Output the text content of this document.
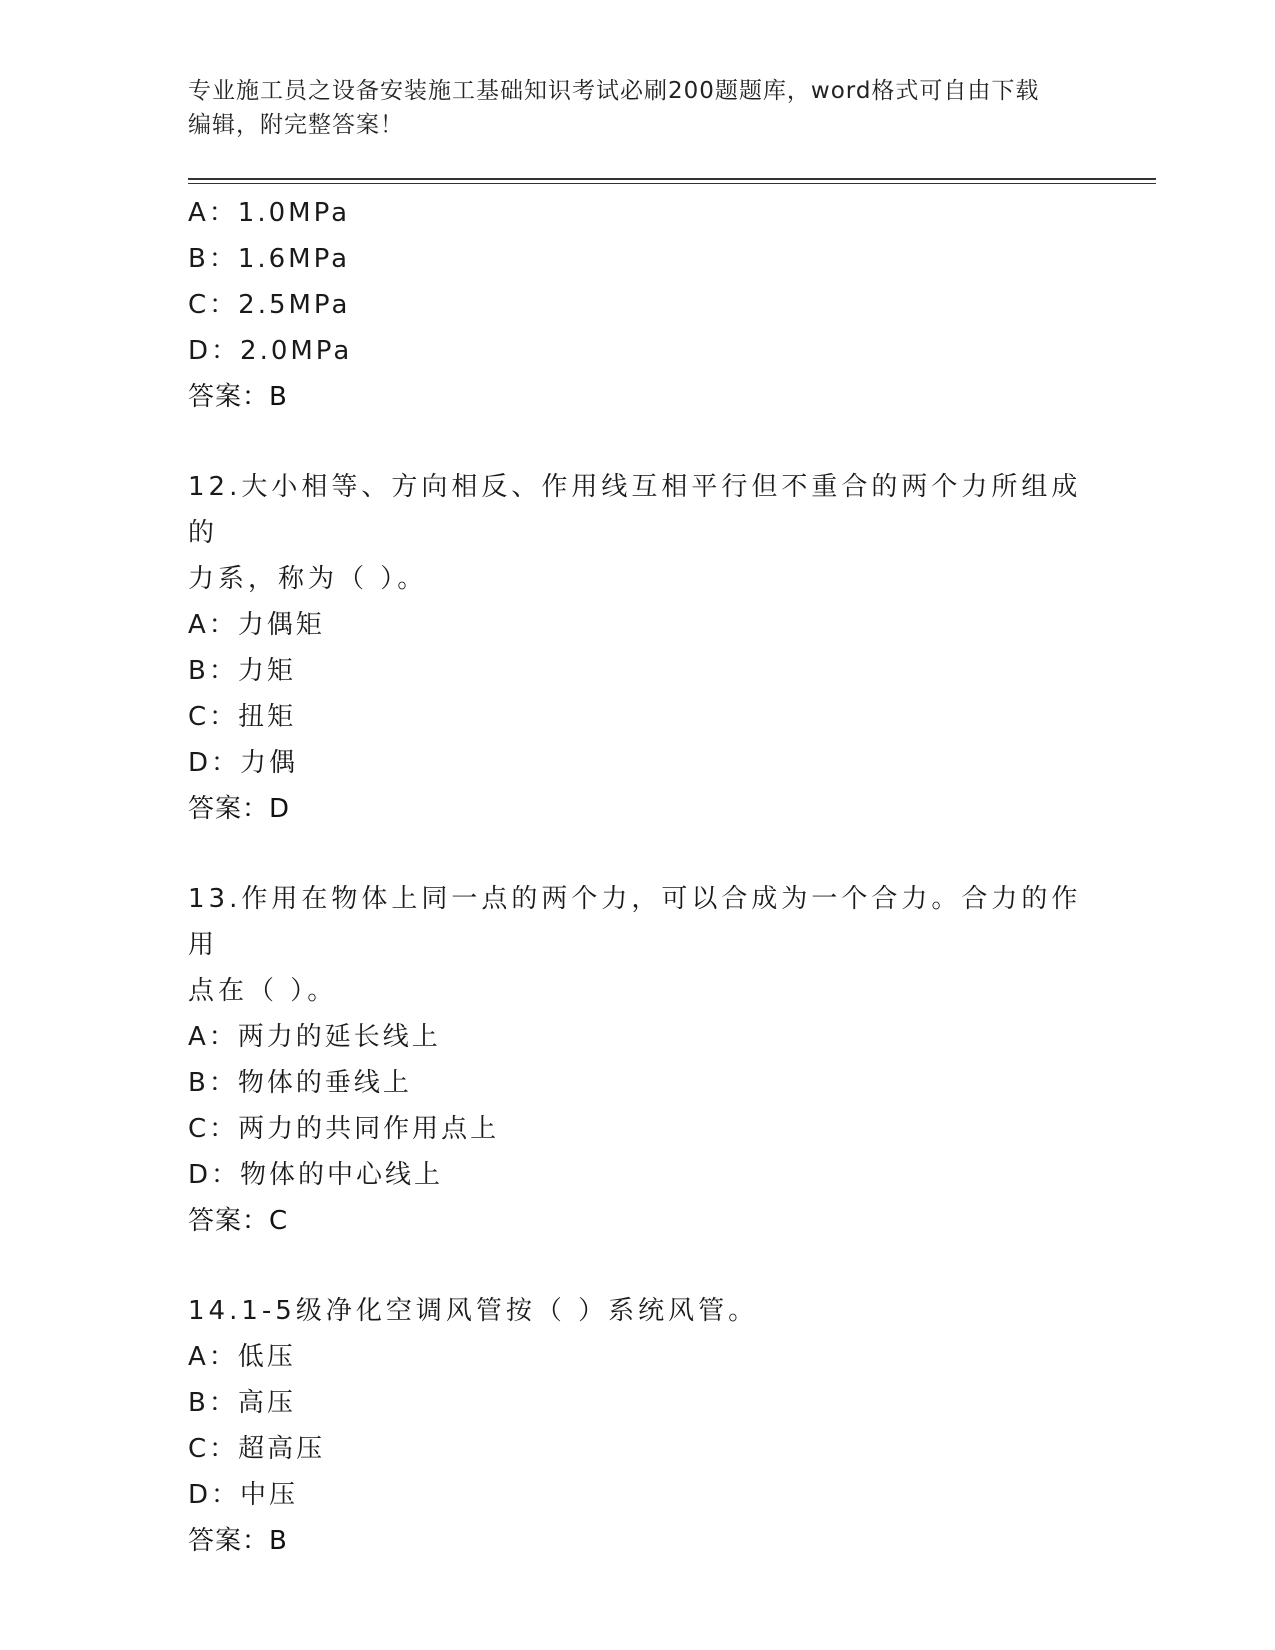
专业施工员之设备安装施工基础知识考试必刷200题题库，word格式可自由下载
编辑，附完整答案！
A：1.0MPa
B：1.6MPa
C：2.5MPa
D：2.0MPa
答案：B
12.大小相等、方向相反、作用线互相平行但不重合的两个力所组成的
力系，称为（ ）。
A：力偶矩
B：力矩
C：扭矩
D：力偶
答案：D
13.作用在物体上同一点的两个力，可以合成为一个合力。合力的作用
点在（ ）。
A：两力的延长线上
B：物体的垂线上
C：两力的共同作用点上
D：物体的中心线上
答案：C
14.1-5级净化空调风管按（ ）系统风管。
A：低压
B：高压
C：超高压
D：中压
答案：B
